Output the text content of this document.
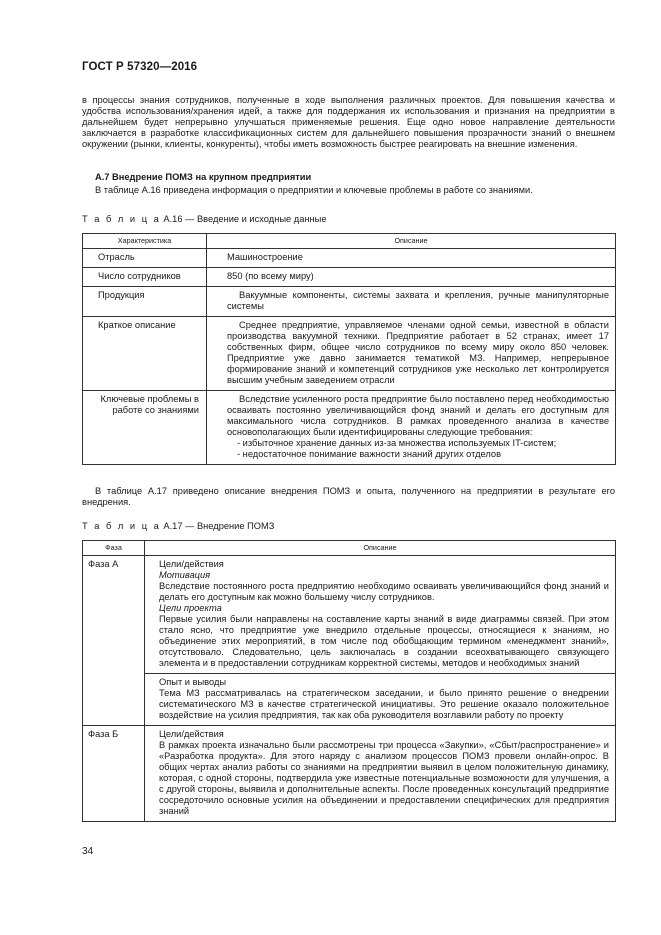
ГОСТ Р 57320—2016

в процессы знания сотрудников, полученные в ходе выполнения различных проектов. Для повышения качества и удобства использования/хранения идей, а также для поддержания их использования и признания на предприятии в дальнейшем будет непрерывно улучшаться применяемые решения. Еще одно новое направление деятельности заключается в разработке классификационных систем для дальнейшего повышения прозрачности знаний о внешнем окружении (рынки, клиенты, конкуренты), чтобы иметь возможность быстрее реагировать на внешние изменения.

А.7 Внедрение ПОМЗ на крупном предприятии
В таблице А.16 приведена информация о предприятии и ключевые проблемы в работе со знаниями.
Т а б л и ц а А.16 — Введение и исходные данные
Характеристика	Описание
Отрасль	Машиностроение
Число сотрудников	850 (по всему миру)
Продукция	Вакуумные компоненты, системы захвата и крепления, ручные манипуляторные системы

Краткое описание	Среднее предприятие, управляемое членами одной семьи, известной в области производства вакуумной техники. Предприятие работает в 52 странах, имеет 17 собственных фирм, общее число сотрудников по всему миру около 850 человек. Предприятие уже давно занимается тематикой МЗ. Например, непрерывное формирование знаний и компетенций сотрудников уже несколько лет контролируется высшим учебным заведением отрасли

Ключевые проблемы в работе со знаниями	Вследствие усиленного роста предприятие было поставлено перед необходимостью осваивать постоянно увеличивающийся фонд знаний и делать его доступным для максимального числа сотрудников. В рамках проведенного анализа в качестве основополагающих были идентифицированы следующие требования:
- избыточное хранение данных из-за множества используемых IT-систем;
- недостаточное понимание важности знаний других отделов

В таблице А.17 приведено описание внедрения ПОМЗ и опыта, полученного на предприятии в результате его внедрения.

Т а б л и ц а А.17 — Внедрение ПОМЗ
Фаза	Описание
Фаза А	Цели/действия
Мотивация
Вследствие постоянного роста предприятию необходимо осваивать увеличивающийся фонд знаний и делать его доступным как можно большему числу сотрудников.
Цели проекта
Первые усилия были направлены на составление карты знаний в виде диаграммы связей. При этом стало ясно, что предприятие уже внедрило отдельные процессы, относящиеся к знаниям, но объединение этих мероприятий, в том числе под обобщающим термином «менеджмент знаний», отсутствовало. Следовательно, цель заключалась в создании всеохватывающего связующего элемента и в предоставлении сотрудникам корректной системы, методов и необходимых знаний

	Опыт и выводы
Тема МЗ рассматривалась на стратегическом заседании, и было принято решение о внедрении систематического МЗ в качестве стратегической инициативы. Это решение оказало положительное воздействие на усилия предприятия, так как оба руководителя возглавили работу по проекту

Фаза Б	Цели/действия
В рамках проекта изначально были рассмотрены три процесса «Закупки», «Сбыт/распространение» и «Разработка продукта». Для этого наряду с анализом процессов ПОМЗ провели онлайн-опрос. В общих чертах анализ работы со знаниями на предприятии выявил в целом положительную динамику, которая, с одной стороны, подтвердила уже известные потенциальные возможности для улучшения, а с другой стороны, выявила и дополнительные аспекты. После проведенных консультаций предприятие сосредоточило основные усилия на объединении и предоставлении специфических для предприятия знаний
34
